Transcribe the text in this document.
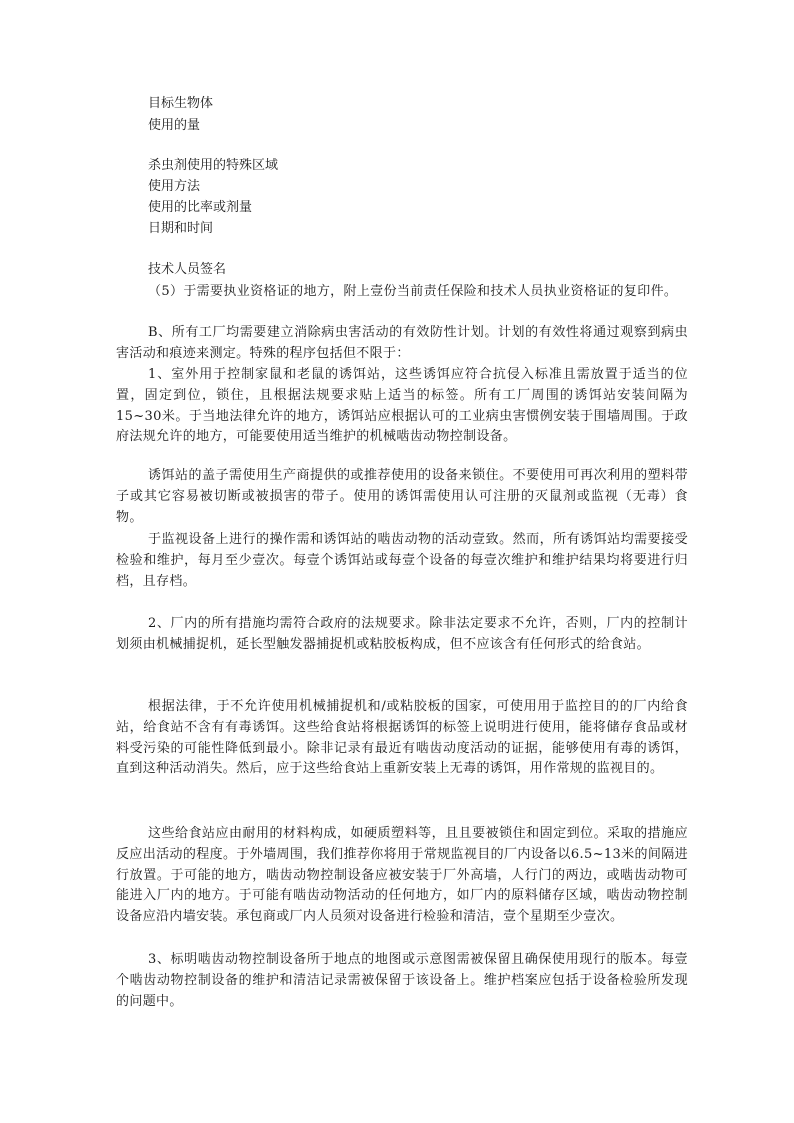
目标生物体
使用的量
杀虫剂使用的特殊区域
使用方法
使用的比率或剂量
日期和时间
技术人员签名

（5）于需要执业资格证的地方，附上壹份当前责任保险和技术人员执业资格证的复印件。

B、所有工厂均需要建立消除病虫害活动的有效防性计划。计划的有效性将通过观察到病虫害活动和痕迹来测定。特殊的程序包括但不限于：

1、室外用于控制家鼠和老鼠的诱饵站，这些诱饵应符合抗侵入标准且需放置于适当的位置，固定到位，锁住，且根据法规要求贴上适当的标签。所有工厂周围的诱饵站安装间隔为15~30米。于当地法律允许的地方，诱饵站应根据认可的工业病虫害惯例安装于围墙周围。于政府法规允许的地方，可能要使用适当维护的机械啮齿动物控制设备。

诱饵站的盖子需使用生产商提供的或推荐使用的设备来锁住。不要使用可再次利用的塑料带子或其它容易被切断或被损害的带子。使用的诱饵需使用认可注册的灭鼠剂或监视（无毒）食物。

于监视设备上进行的操作需和诱饵站的啮齿动物的活动壹致。然而，所有诱饵站均需要接受检验和维护，每月至少壹次。每壹个诱饵站或每壹个设备的每壹次维护和维护结果均将要进行归档，且存档。

2、厂内的所有措施均需符合政府的法规要求。除非法定要求不允许，否则，厂内的控制计划须由机械捕捉机，延长型触发器捕捉机或粘胶板构成，但不应该含有任何形式的给食站。

根据法律，于不允许使用机械捕捉机和/或粘胶板的国家，可使用用于监控目的的厂内给食站，给食站不含有有毒诱饵。这些给食站将根据诱饵的标签上说明进行使用，能将储存食品或材料受污染的可能性降低到最小。除非记录有最近有啮齿动度活动的证据，能够使用有毒的诱饵，直到这种活动消失。然后，应于这些给食站上重新安装上无毒的诱饵，用作常规的监视目的。

这些给食站应由耐用的材料构成，如硬质塑料等，且且要被锁住和固定到位。采取的措施应反应出活动的程度。于外墙周围，我们推荐你将用于常规监视目的厂内设备以6.5~13米的间隔进行放置。于可能的地方，啮齿动物控制设备应被安装于厂外高墙，人行门的两边，或啮齿动物可能进入厂内的地方。于可能有啮齿动物活动的任何地方，如厂内的原料储存区域，啮齿动物控制设备应沿内墙安装。承包商或厂内人员须对设备进行检验和清洁，壹个星期至少壹次。

3、标明啮齿动物控制设备所于地点的地图或示意图需被保留且确保使用现行的版本。每壹个啮齿动物控制设备的维护和清洁记录需被保留于该设备上。维护档案应包括于设备检验所发现的问题中。
